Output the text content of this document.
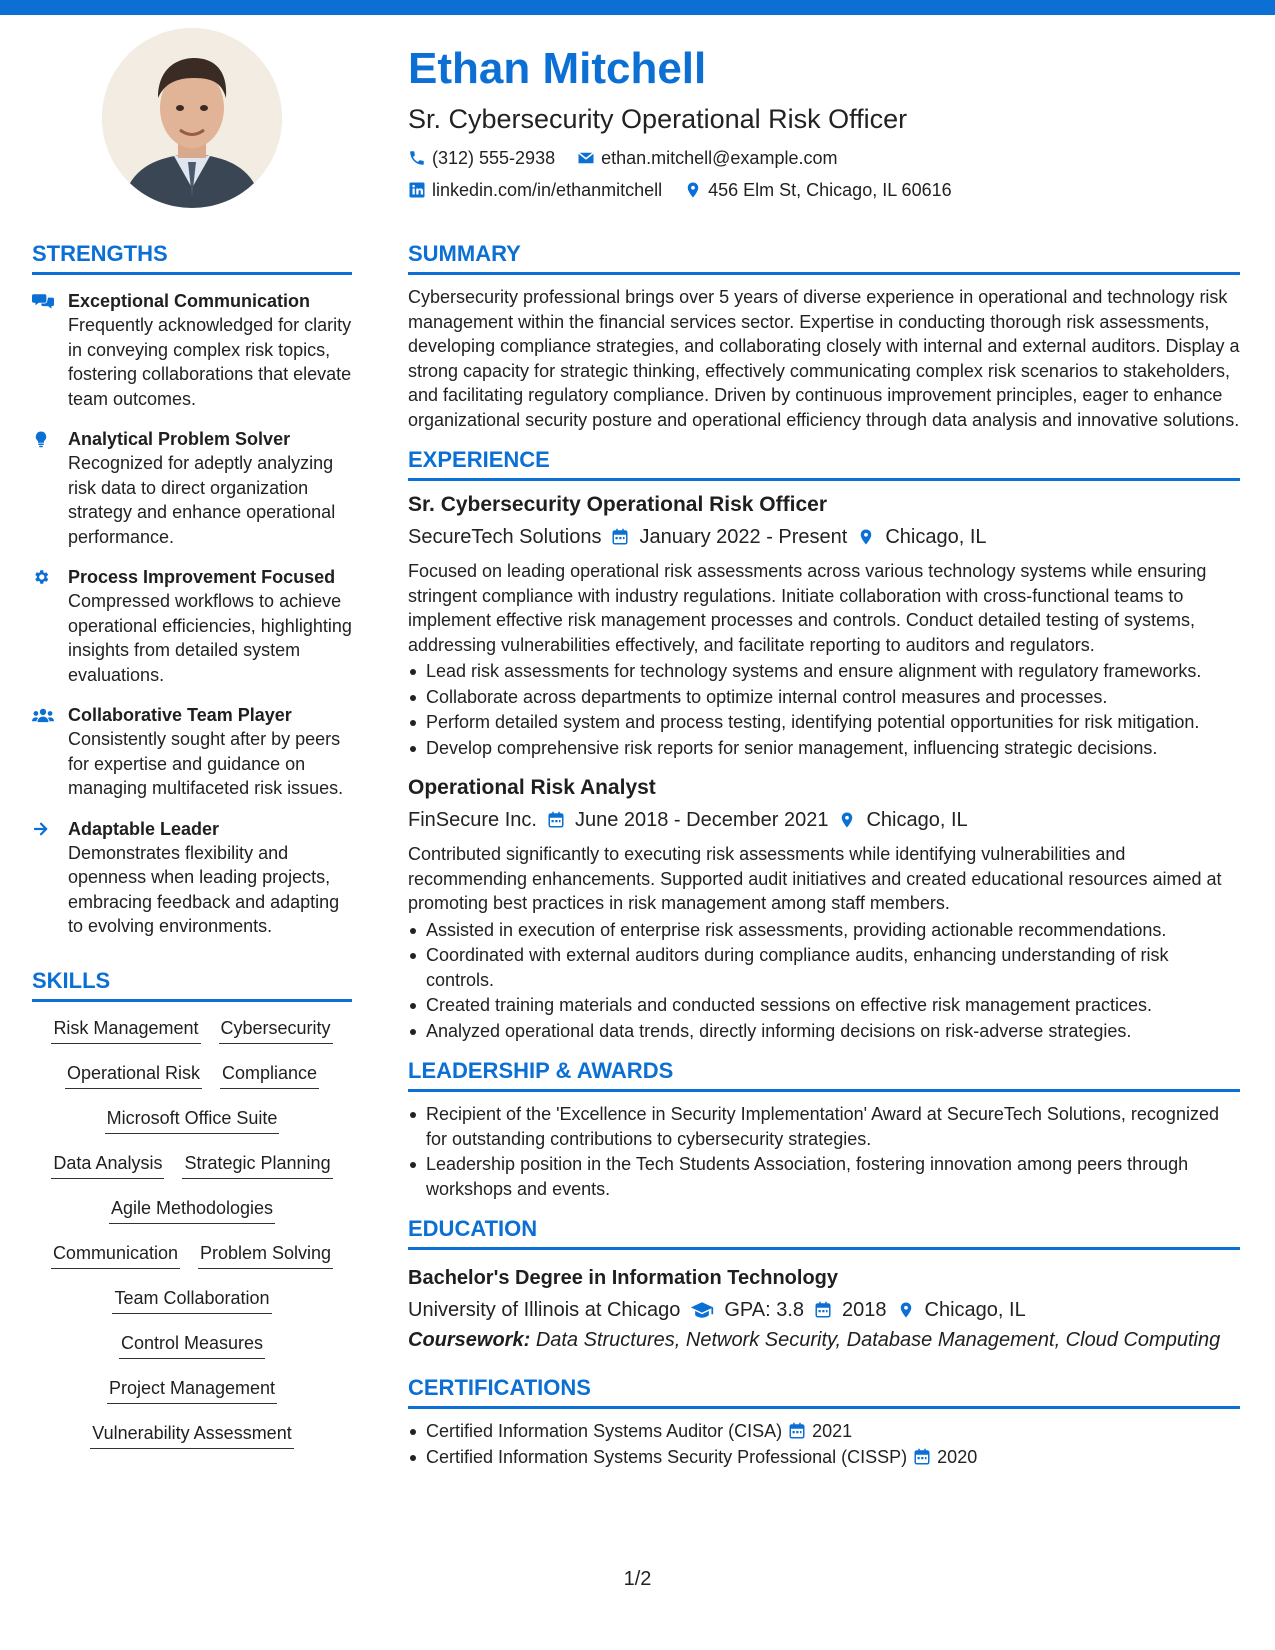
Ethan Mitchell
Sr. Cybersecurity Operational Risk Officer
(312) 555-2938	ethan.mitchell@example.com
linkedin.com/in/ethanmitchell	456 Elm St, Chicago, IL 60616
STRENGTHS
Exceptional Communication
Frequently acknowledged for clarity in conveying complex risk topics, fostering collaborations that elevate team outcomes.
Analytical Problem Solver
Recognized for adeptly analyzing risk data to direct organization strategy and enhance operational performance.
Process Improvement Focused
Compressed workflows to achieve operational efficiencies, highlighting insights from detailed system evaluations.
Collaborative Team Player
Consistently sought after by peers for expertise and guidance on managing multifaceted risk issues.
Adaptable Leader
Demonstrates flexibility and openness when leading projects, embracing feedback and adapting to evolving environments.
SKILLS
Risk Management Cybersecurity
Operational Risk Compliance
Microsoft Office Suite
Data Analysis Strategic Planning
Agile Methodologies
Communication Problem Solving
Team Collaboration
Control Measures
Project Management
Vulnerability Assessment
SUMMARY
Cybersecurity professional brings over 5 years of diverse experience in operational and technology risk management within the financial services sector. Expertise in conducting thorough risk assessments, developing compliance strategies, and collaborating closely with internal and external auditors. Display a strong capacity for strategic thinking, effectively communicating complex risk scenarios to stakeholders, and facilitating regulatory compliance. Driven by continuous improvement principles, eager to enhance organizational security posture and operational efficiency through data analysis and innovative solutions.
EXPERIENCE
Sr. Cybersecurity Operational Risk Officer
SecureTech Solutions January 2022 - Present Chicago, IL
Focused on leading operational risk assessments across various technology systems while ensuring stringent compliance with industry regulations. Initiate collaboration with cross-functional teams to implement effective risk management processes and controls. Conduct detailed testing of systems, addressing vulnerabilities effectively, and facilitate reporting to auditors and regulators.
Lead risk assessments for technology systems and ensure alignment with regulatory frameworks.
Collaborate across departments to optimize internal control measures and processes.
Perform detailed system and process testing, identifying potential opportunities for risk mitigation.
Develop comprehensive risk reports for senior management, influencing strategic decisions.
Operational Risk Analyst
FinSecure Inc. June 2018 - December 2021 Chicago, IL
Contributed significantly to executing risk assessments while identifying vulnerabilities and recommending enhancements. Supported audit initiatives and created educational resources aimed at promoting best practices in risk management among staff members.
Assisted in execution of enterprise risk assessments, providing actionable recommendations.
Coordinated with external auditors during compliance audits, enhancing understanding of risk controls.
Created training materials and conducted sessions on effective risk management practices.
Analyzed operational data trends, directly informing decisions on risk-adverse strategies.
LEADERSHIP & AWARDS
Recipient of the 'Excellence in Security Implementation' Award at SecureTech Solutions, recognized for outstanding contributions to cybersecurity strategies.
Leadership position in the Tech Students Association, fostering innovation among peers through workshops and events.
EDUCATION
Bachelor's Degree in Information Technology
University of Illinois at Chicago GPA: 3.8 2018 Chicago, IL
Coursework: Data Structures, Network Security, Database Management, Cloud Computing
CERTIFICATIONS
Certified Information Systems Auditor (CISA) 2021
Certified Information Systems Security Professional (CISSP) 2020
1/2
